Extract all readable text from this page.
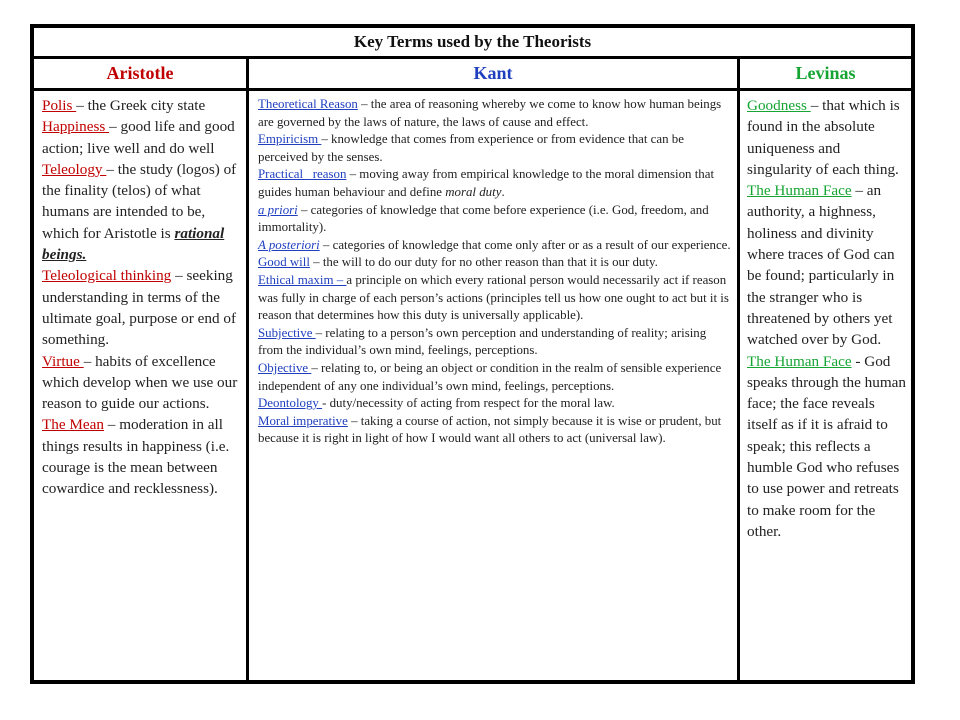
Key Terms used by the Theorists
Aristotle	Kant	Levinas

Polis – the Greek city state

Happiness – good life and good action; live well and do well

Teleology – the study (logos) of the finality (telos) of what humans are intended to be, which for Aristotle is rational beings.

Teleological thinking – seeking understanding in terms of the ultimate goal, purpose or end of something.

Virtue – habits of excellence which develop when we use our reason to guide our actions.

The Mean – moderation in all things results in happiness (i.e. courage is the mean between cowardice and recklessness).

Theoretical Reason – the area of reasoning whereby we come to know how human beings are governed by the laws of nature, the laws of cause and effect.

Empiricism – knowledge that comes from experience or from evidence that can be perceived by the senses.

Practical   reason – moving away from empirical knowledge to the moral dimension that guides human behaviour and define moral duty.

a priori – categories of knowledge that come before experience (i.e. God, freedom, and immortality).

A posteriori – categories of knowledge that come only after or as a result of our experience.

Good will – the will to do our duty for no other reason than that it is our duty.

Ethical maxim – a principle on which every rational person would necessarily act if reason was fully in charge of each person’s actions (principles tell us how one ought to act but it is reason that determines how this duty is universally applicable).

Subjective – relating to a person’s own perception and understanding of reality; arising from the individual’s own mind, feelings, perceptions.

Objective – relating to, or being an object or condition in the realm of sensible experience independent of any one individual’s own mind, feelings, perceptions.

Deontology - duty/necessity of acting from respect for the moral law.

Moral imperative – taking a course of action, not simply because it is wise or prudent, but because it is right in light of how I would want all others to act (universal law).

Goodness – that which is found in the absolute uniqueness and singularity of each thing.

The Human Face – an authority, a highness, holiness and divinity where traces of God can be found; particularly in the stranger who is threatened by others yet watched over by God.

The Human Face - God speaks through the human face; the face reveals itself as if it is afraid to speak; this reflects a humble God who refuses to use power and retreats to make room for the other.
